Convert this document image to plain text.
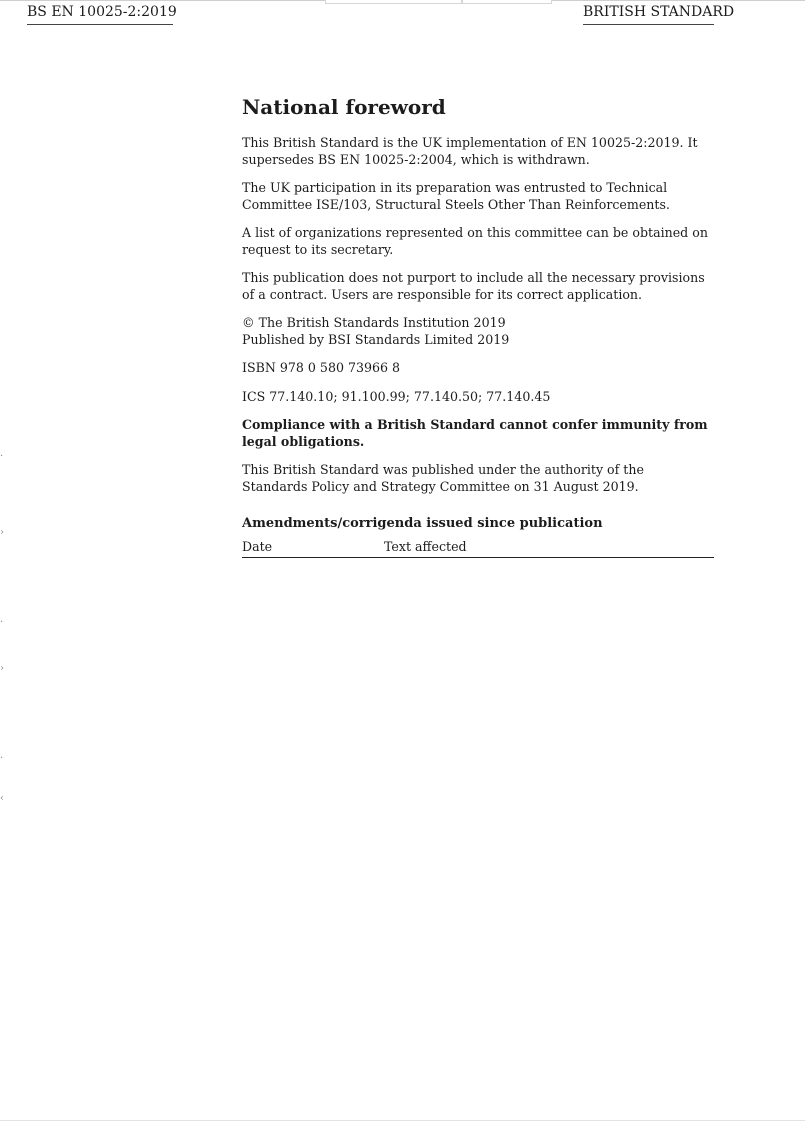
BS EN 10025-2:2019	BRITISH STANDARD
·
›
·
›
·
‹
National foreword
This British Standard is the UK implementation of EN 10025-2:2019. It
supersedes BS EN 10025-2:2004, which is withdrawn.
The UK participation in its preparation was entrusted to Technical
Committee ISE/103, Structural Steels Other Than Reinforcements.
A list of organizations represented on this committee can be obtained on
request to its secretary.
This publication does not purport to include all the necessary provisions
of a contract. Users are responsible for its correct application.
© The British Standards Institution 2019
Published by BSI Standards Limited 2019
ISBN 978 0 580 73966 8
ICS 77.140.10; 91.100.99; 77.140.50; 77.140.45
Compliance with a British Standard cannot confer immunity from
legal obligations.
This British Standard was published under the authority of the
Standards Policy and Strategy Committee on 31 August 2019.
Amendments/corrigenda issued since publication
Date	Text affected
